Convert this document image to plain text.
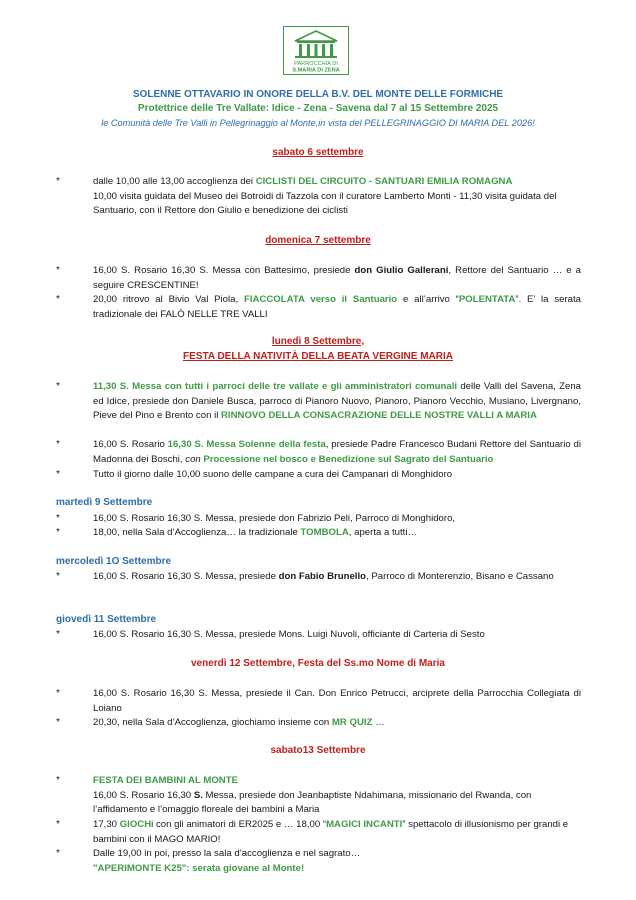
PARROCCHIA DI
S.MARIA DI ZENA
SOLENNE OTTAVARIO IN ONORE DELLA B.V. DEL MONTE DELLE FORMICHE
Protettrice delle Tre Vallate: Idice - Zena - Savena dal 7 al 15 Settembre 2025
le Comunità delle Tre Valli in Pellegrinaggio al Monte,in vista del PELLEGRINAGGIO DI MARIA DEL 2026!
sabato 6 settembre
*	dalle 10,00 alle 13,00 accoglienza dei CICLISTI DEL CIRCUITO - SANTUARI EMILIA ROMAGNA
10,00 visita guidata del Museo dei Botroidi di Tazzola con il curatore Lamberto Monti - 11,30 visita guidata del Santuario, con il Rettore don Giulio e benedizione dei ciclisti
domenica 7 settembre
*	16,00 S. Rosario 16,30 S. Messa con Battesimo, presiede don Giulio Gallerani, Rettore del Santuario … e a seguire CRESCENTINE!
*	20,00 ritrovo al Bivio Val Piola, FIACCOLATA verso il Santuario e all’arrivo “POLENTATA”. E’ la serata tradizionale dei FALÒ NELLE TRE VALLI
lunedì 8 Settembre,
FESTA DELLA NATIVITÀ DELLA BEATA VERGINE MARIA
*	11,30 S. Messa con tutti i parroci delle tre vallate e gli amministratori comunali delle Valli del Savena, Zena ed Idice, presiede don Daniele Busca, parroco di Pianoro Nuovo, Pianoro, Pianoro Vecchio, Musiano, Livergnano, Pieve del Pino e Brento con il RINNOVO DELLA CONSACRAZIONE DELLE NOSTRE VALLI A MARIA
*	16,00 S. Rosario 16,30 S. Messa Solenne della festa, presiede Padre Francesco Budani Rettore del Santuario di Madonna dei Boschi, con Processione nel bosco e Benedizione sul Sagrato del Santuario
*	Tutto il giorno dalle 10,00 suono delle campane a cura dei Campanari di Monghidoro
martedì 9 Settembre
*	16,00 S. Rosario 16,30 S. Messa, presiede don Fabrizio Peli, Parroco di Monghidoro,
*	18,00, nella Sala d’Accoglienza… la tradizionale TOMBOLA, aperta a tutti…
mercoledì 1O Settembre
*	16,00 S. Rosario 16,30 S. Messa, presiede don Fabio Brunello, Parroco di Monterenzio, Bisano e Cassano
giovedì 11 Settembre
*	16,00 S. Rosario 16,30 S. Messa, presiede Mons. Luigi Nuvoli, officiante di Carteria di Sesto
venerdì 12 Settembre, Festa del Ss.mo Nome di Maria
*	16,00 S. Rosario 16,30 S. Messa, presiede il Can. Don Enrico Petrucci, arciprete della Parrocchia Collegiata di Loiano
*	20,30, nella Sala d’Accoglienza, giochiamo insieme con MR QUIZ …
sabato13 Settembre
*	FESTA DEI BAMBINI AL MONTE
16,00 S. Rosario 16,30 S. Messa, presiede don Jeanbaptiste Ndahimana, missionario del Rwanda, con l’affidamento e l’omaggio floreale dei bambini a Maria
*	17,30 GIOCHi con gli animatori di ER2025 e … 18,00 “MAGICI INCANTI” spettacolo di illusionismo per grandi e bambini con il MAGO MARIO!
*	Dalle 19,00 in poi, presso la sala d’accoglienza e nel sagrato…
"APERIMONTE K25": serata giovane al Monte!
